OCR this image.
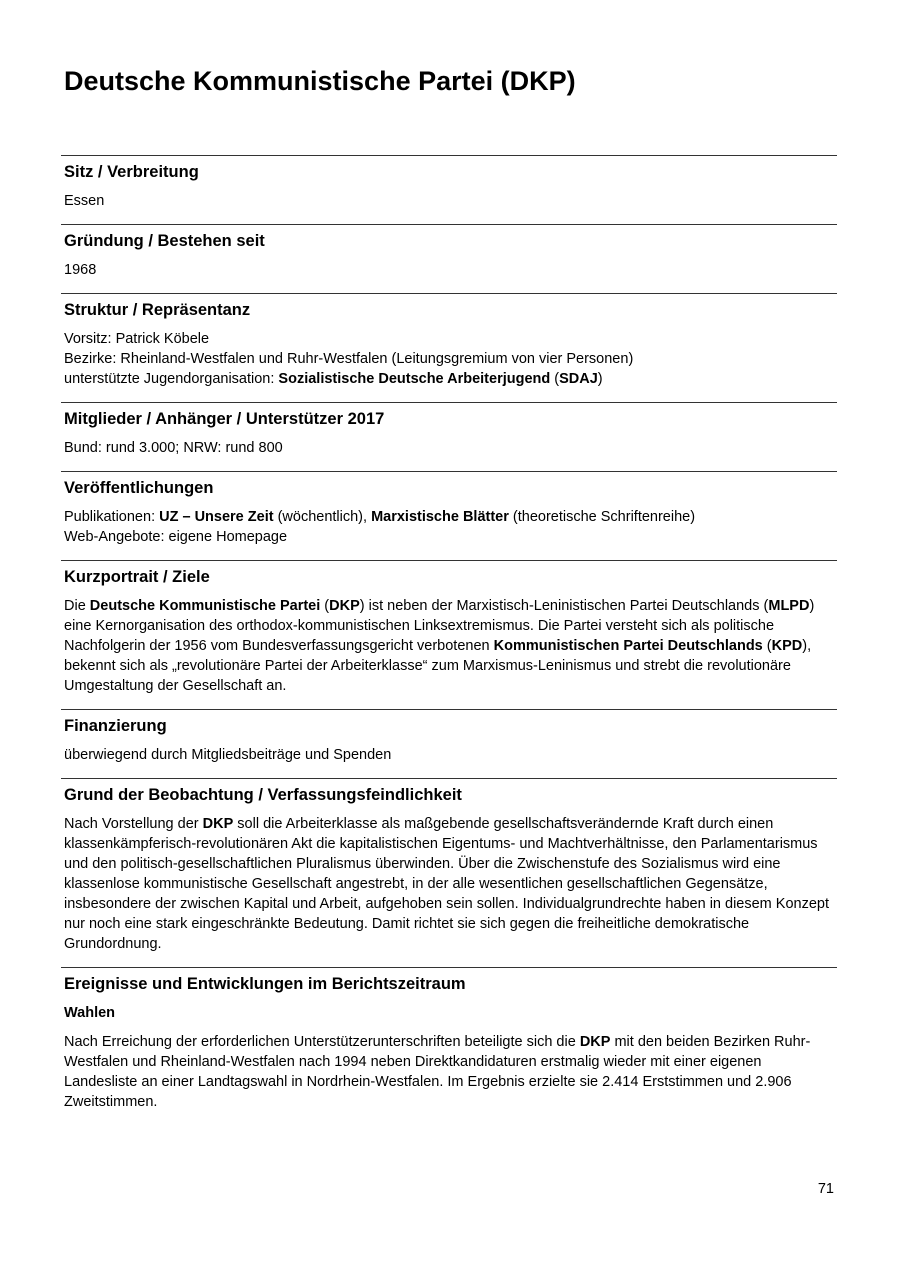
Deutsche Kommunistische Partei (DKP)
Sitz / Verbreitung

Essen

Gründung / Bestehen seit

1968

Struktur / Repräsentanz

Vorsitz: Patrick Köbele

Bezirke: Rheinland-Westfalen und Ruhr-Westfalen (Leitungsgremium von vier Personen)

unterstützte Jugendorganisation: Sozialistische Deutsche Arbeiterjugend (SDAJ)

Mitglieder / Anhänger / Unterstützer 2017

Bund: rund 3.000; NRW: rund 800

Veröffentlichungen

Publikationen: UZ – Unsere Zeit (wöchentlich), Marxistische Blätter (theoretische Schriftenreihe)

Web-Angebote: eigene Homepage

Kurzportrait / Ziele

Die Deutsche Kommunistische Partei (DKP) ist neben der Marxistisch-Leninistischen Partei Deutschlands (MLPD) eine Kernorganisation des orthodox-kommunistischen Linksextremismus. Die Partei versteht sich als politische Nachfolgerin der 1956 vom Bundesverfassungsgericht verbotenen Kommunistischen Partei Deutschlands (KPD), bekennt sich als „revolutionäre Partei der Arbeiterklasse“ zum Marxismus-Leninismus und strebt die revolutionäre Umgestaltung der Gesellschaft an.

Finanzierung

überwiegend durch Mitgliedsbeiträge und Spenden

Grund der Beobachtung / Verfassungsfeindlichkeit

Nach Vorstellung der DKP soll die Arbeiterklasse als maßgebende gesellschaftsverändernde Kraft durch einen klassenkämpferisch-revolutionären Akt die kapitalistischen Eigentums- und Machtverhältnisse, den Parlamentarismus und den politisch-gesellschaftlichen Pluralismus überwinden. Über die Zwischenstufe des Sozialismus wird eine klassenlose kommunistische Gesellschaft angestrebt, in der alle wesentlichen gesellschaftlichen Gegensätze, insbesondere der zwischen Kapital und Arbeit, aufgehoben sein sollen. Individualgrundrechte haben in diesem Konzept nur noch eine stark eingeschränkte Bedeutung. Damit richtet sie sich gegen die freiheitliche demokratische Grundordnung.

Ereignisse und Entwicklungen im Berichtszeitraum
Wahlen

Nach Erreichung der erforderlichen Unterstützerunterschriften beteiligte sich die DKP mit den beiden Bezirken Ruhr-Westfalen und Rheinland-Westfalen nach 1994 neben Direktkandidaturen erstmalig wieder mit einer eigenen Landesliste an einer Landtagswahl in Nordrhein-Westfalen. Im Ergebnis erzielte sie 2.414 Erststimmen und 2.906 Zweitstimmen.

71
